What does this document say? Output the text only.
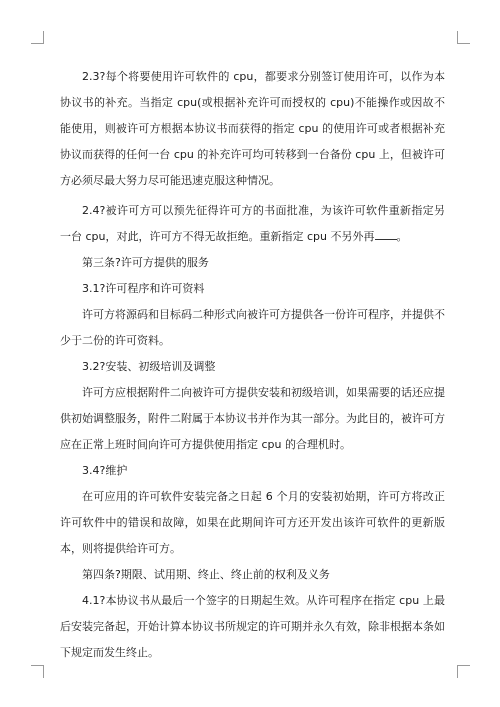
2.3?每个将要使用许可软件的 cpu，都要求分别签订使用许可，以作为本协议书的补充。当指定 cpu(或根据补充许可而授权的 cpu)不能操作或因故不能使用，则被许可方根据本协议书而获得的指定 cpu 的使用许可或者根据补充协议而获得的任何一台 cpu 的补充许可均可转移到一台备份 cpu 上，但被许可方必须尽最大努力尽可能迅速克服这种情况。

2.4?被许可方可以预先征得许可方的书面批准，为该许可软件重新指定另一台 cpu，对此，许可方不得无故拒绝。重新指定 cpu 不另外再 。

第三条?许可方提供的服务

3.1?许可程序和许可资料

许可方将源码和目标码二种形式向被许可方提供各一份许可程序，并提供不少于二份的许可资料。

3.2?安装、初级培训及调整

许可方应根据附件二向被许可方提供安装和初级培训，如果需要的话还应提供初始调整服务，附件二附属于本协议书并作为其一部分。为此目的，被许可方应在正常上班时间向许可方提供使用指定 cpu 的合理机时。

3.4?维护

在可应用的许可软件安装完备之日起 6 个月的安装初始期，许可方将改正许可软件中的错误和故障，如果在此期间许可方还开发出该许可软件的更新版本，则将提供给许可方。

第四条?期限、试用期、终止、终止前的权利及义务

4.1?本协议书从最后一个签字的日期起生效。从许可程序在指定 cpu 上最后安装完备起，开始计算本协议书所规定的许可期并永久有效，除非根据本条如下规定而发生终止。
